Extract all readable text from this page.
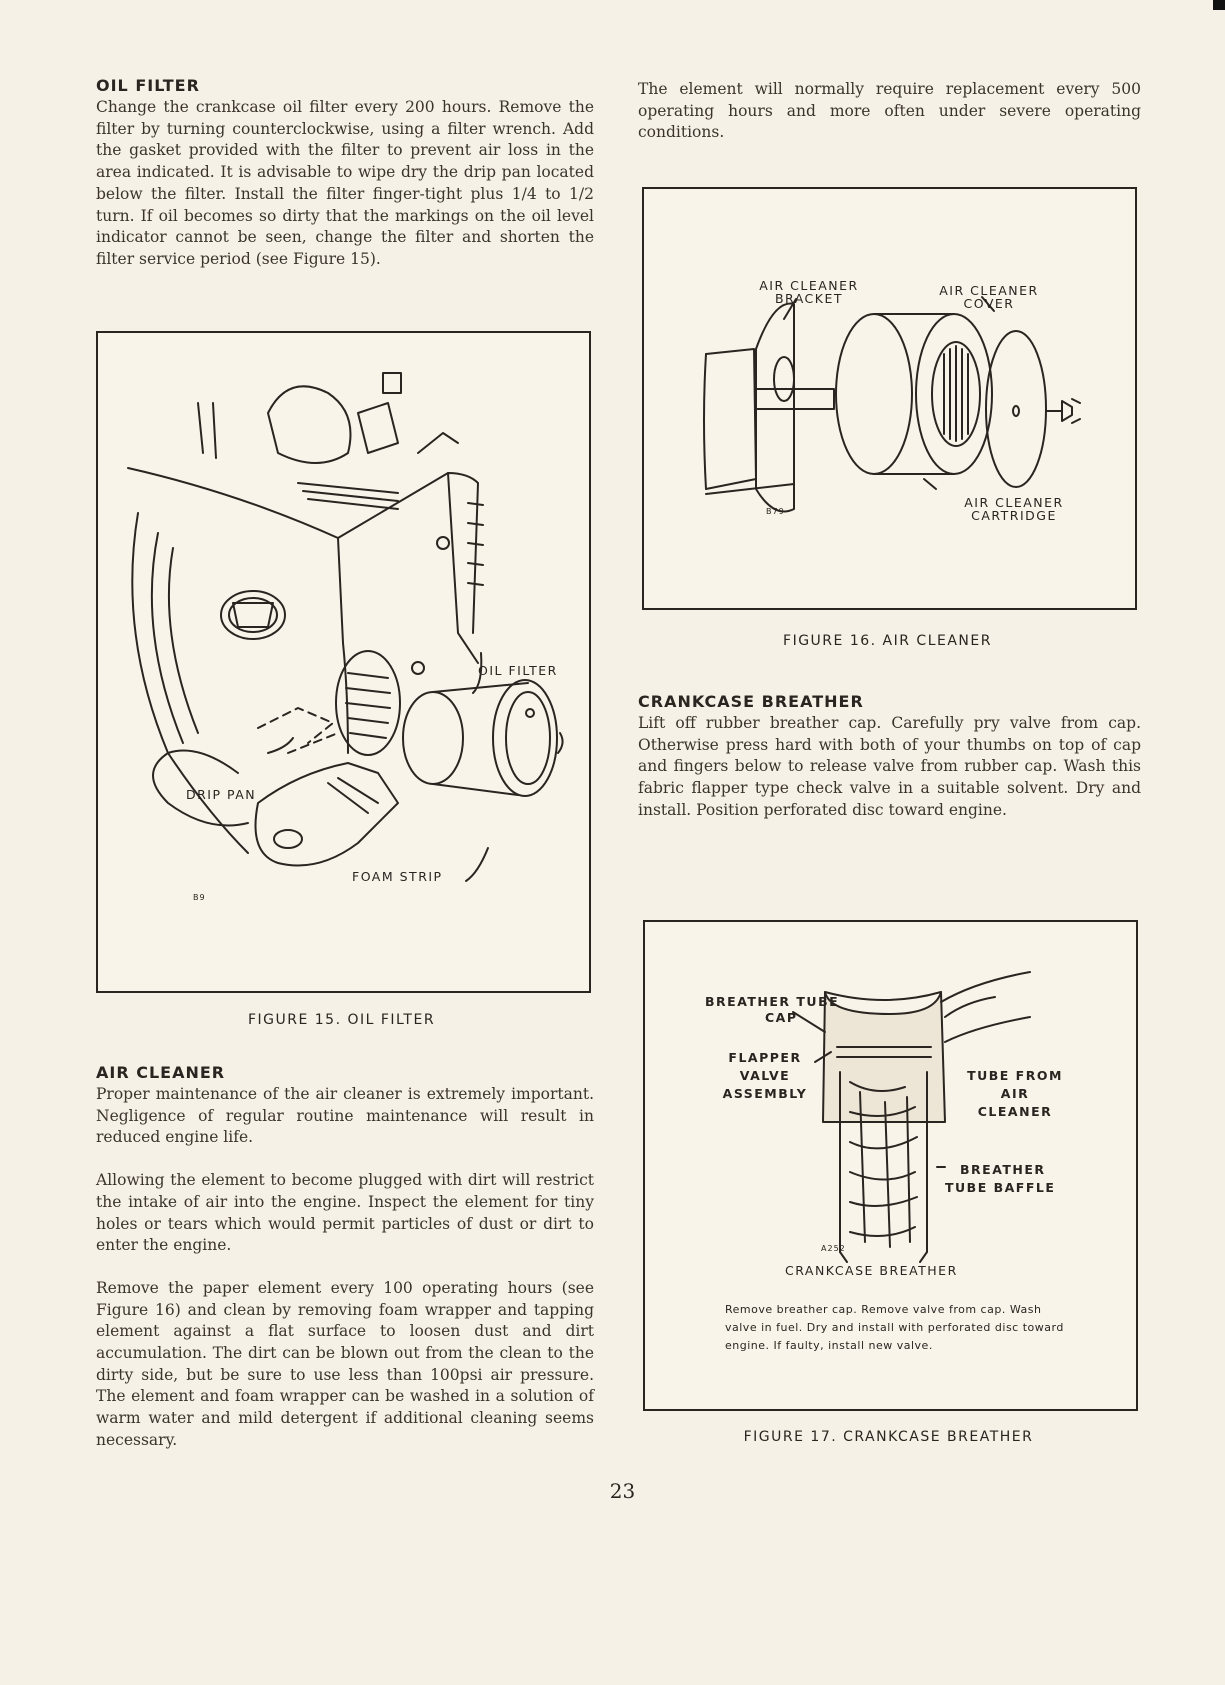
OIL FILTER

Change the crankcase oil filter every 200 hours. Remove the filter by turning counterclockwise, using a filter wrench. Add the gasket provided with the filter to prevent air loss in the area indicated. It is advisable to wipe dry the drip pan located below the filter. Install the filter finger-tight plus 1/4 to 1/2 turn. If oil becomes so dirty that the markings on the oil level indicator cannot be seen, change the filter and shorten the filter service period (see Figure 15).

OIL FILTER
DRIP PAN
FOAM STRIP
B9
FIGURE 15. OIL FILTER
AIR CLEANER

Proper maintenance of the air cleaner is extremely important. Negligence of regular routine maintenance will result in reduced engine life.

Allowing the element to become plugged with dirt will restrict the intake of air into the engine. Inspect the element for tiny holes or tears which would permit particles of dust or dirt to enter the engine.

Remove the paper element every 100 operating hours (see Figure 16) and clean by removing foam wrapper and tapping element against a flat surface to loosen dust and dirt accumulation. The dirt can be blown out from the clean to the dirty side, but be sure to use less than 100psi air pressure. The element and foam wrapper can be washed in a solution of warm water and mild detergent if additional cleaning seems necessary.

The element will normally require replacement every 500 operating hours and more often under severe operating conditions.

AIR CLEANER
BRACKET
AIR CLEANER
COVER
AIR CLEANER
CARTRIDGE
B79
FIGURE 16. AIR CLEANER
CRANKCASE BREATHER

Lift off rubber breather cap. Carefully pry valve from cap. Otherwise press hard with both of your thumbs on top of cap and fingers below to release valve from rubber cap. Wash this fabric flapper type check valve in a suitable solvent. Dry and install. Position perforated disc toward engine.

BREATHER TUBE
CAP
FLAPPER
VALVE
ASSEMBLY
TUBE FROM
AIR
CLEANER
BREATHER
TUBE BAFFLE
A252
CRANKCASE BREATHER
Remove breather cap. Remove valve from cap. Wash valve in fuel. Dry and install with perforated disc toward engine. If faulty, install new valve.
FIGURE 17. CRANKCASE BREATHER
23
